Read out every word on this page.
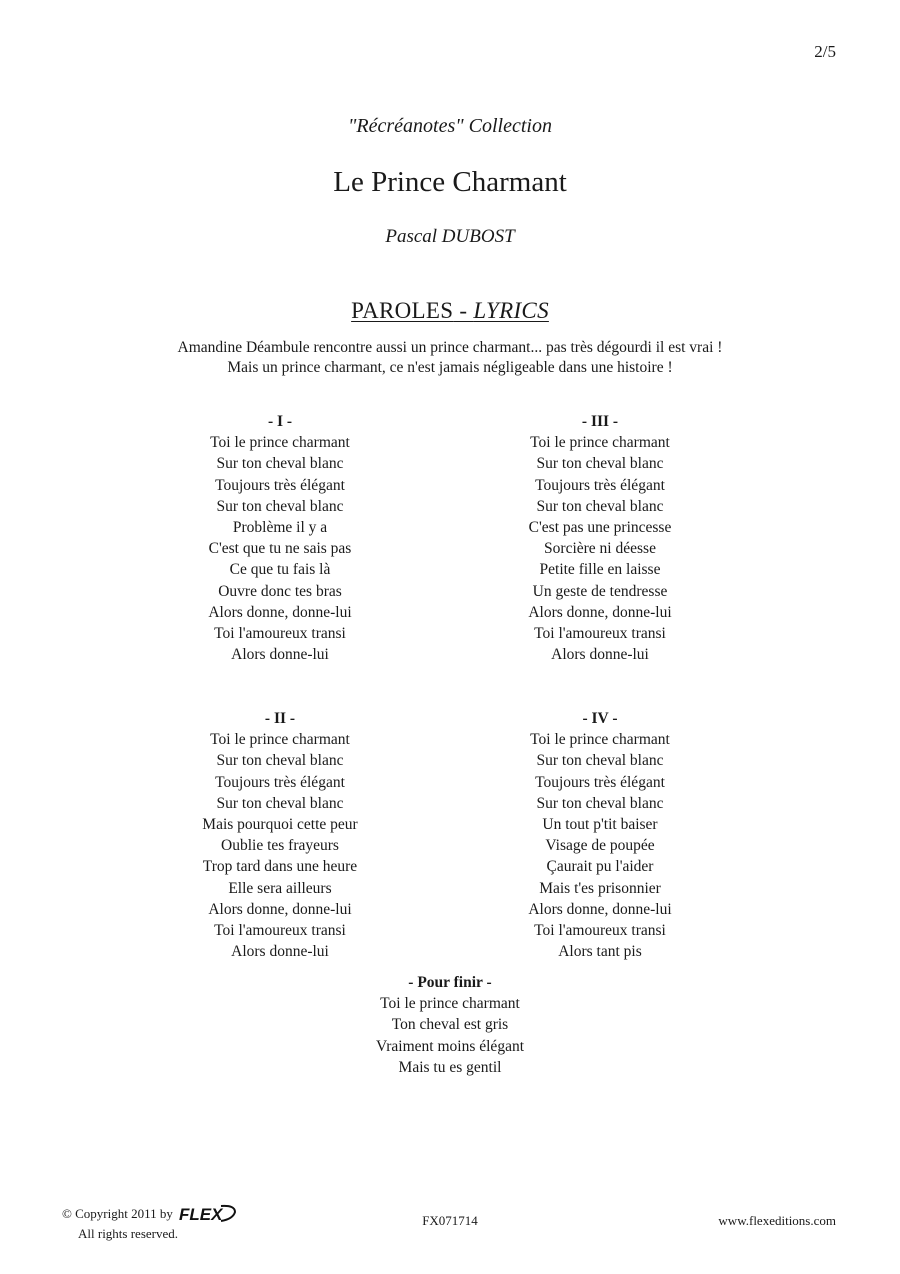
2/5
"Récréanotes" Collection
Le Prince Charmant
Pascal DUBOST
PAROLES - LYRICS
Amandine Déambule rencontre aussi un prince charmant... pas très dégourdi il est vrai !
Mais un prince charmant, ce n'est jamais négligeable dans une histoire !
- I -
Toi le prince charmant
Sur ton cheval blanc
Toujours très élégant
Sur ton cheval blanc
Problème il y a
C'est que tu ne sais pas
Ce que tu fais là
Ouvre donc tes bras
Alors donne, donne-lui
Toi l'amoureux transi
Alors donne-lui
- III -
Toi le prince charmant
Sur ton cheval blanc
Toujours très élégant
Sur ton cheval blanc
C'est pas une princesse
Sorcière ni déesse
Petite fille en laisse
Un geste de tendresse
Alors donne, donne-lui
Toi l'amoureux transi
Alors donne-lui
- II -
Toi le prince charmant
Sur ton cheval blanc
Toujours très élégant
Sur ton cheval blanc
Mais pourquoi cette peur
Oublie tes frayeurs
Trop tard dans une heure
Elle sera ailleurs
Alors donne, donne-lui
Toi l'amoureux transi
Alors donne-lui
- IV -
Toi le prince charmant
Sur ton cheval blanc
Toujours très élégant
Sur ton cheval blanc
Un tout p'tit baiser
Visage de poupée
Çaurait pu l'aider
Mais t'es prisonnier
Alors donne, donne-lui
Toi l'amoureux transi
Alors tant pis
- Pour finir -
Toi le prince charmant
Ton cheval est gris
Vraiment moins élégant
Mais tu es gentil
© Copyright 2011 by FLEX
All rights reserved.
FX071714	www.flexeditions.com
